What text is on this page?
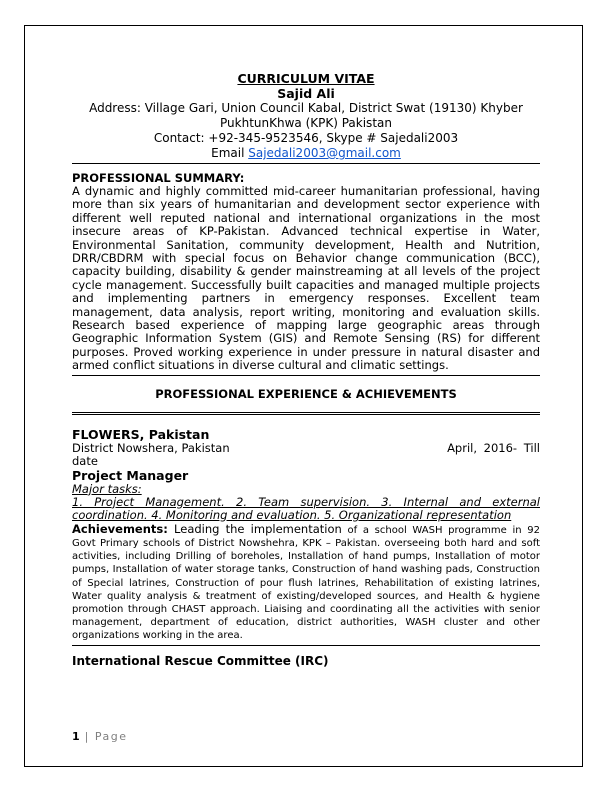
CURRICULUM VITAE
Sajid Ali
Address: Village Gari, Union Council Kabal, District Swat (19130) Khyber
PukhtunKhwa (KPK) Pakistan
Contact: +92-345-9523546, Skype # Sajedali2003
Email Sajedali2003@gmail.com
PROFESSIONAL SUMMARY:
A dynamic and highly committed mid-career humanitarian professional, having more than six years of humanitarian and development sector experience with different well reputed national and international organizations in the most insecure areas of KP-Pakistan. Advanced technical expertise in Water, Environmental Sanitation, community development, Health and Nutrition, DRR/CBDRM with special focus on Behavior change communication (BCC), capacity building, disability & gender mainstreaming at all levels of the project cycle management. Successfully built capacities and managed multiple projects and implementing partners in emergency responses. Excellent team management, data analysis, report writing, monitoring and evaluation skills. Research based experience of mapping large geographic areas through Geographic Information System (GIS) and Remote Sensing (RS) for different purposes. Proved working experience in under pressure in natural disaster and armed conflict situations in diverse cultural and climatic settings.
PROFESSIONAL EXPERIENCE & ACHIEVEMENTS
FLOWERS, Pakistan
District Nowshera, Pakistan	April, 2016- Till
date
Project Manager
Major tasks:
1. Project Management. 2. Team supervision. 3. Internal and external coordination. 4. Monitoring and evaluation. 5. Organizational representation
Achievements: Leading the implementation of a school WASH programme in 92 Govt Primary schools of District Nowshehra, KPK – Pakistan. overseeing both hard and soft activities, including Drilling of boreholes, Installation of hand pumps, Installation of motor pumps, Installation of water storage tanks, Construction of hand washing pads, Construction of Special latrines, Construction of pour flush latrines, Rehabilitation of existing latrines, Water quality analysis & treatment of existing/developed sources, and Health & hygiene promotion through CHAST approach. Liaising and coordinating all the activities with senior management, department of education, district authorities, WASH cluster and other organizations working in the area.
International Rescue Committee (IRC)
1 | Page
